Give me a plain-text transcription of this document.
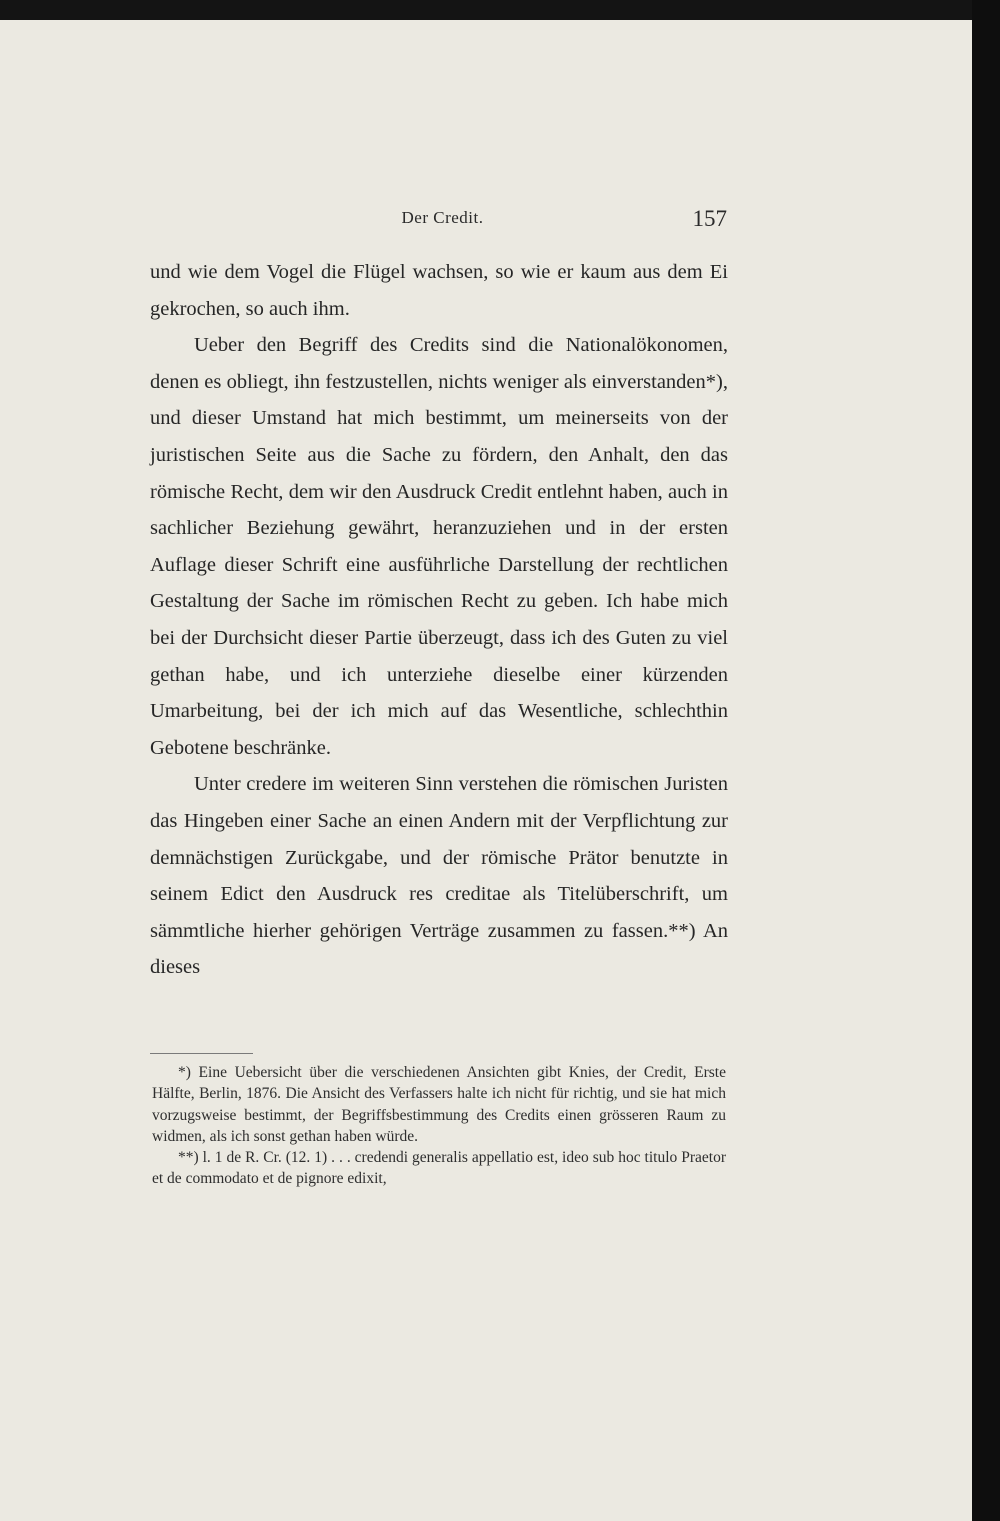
Der Credit.	157

und wie dem Vogel die Flügel wachsen, so wie er kaum aus dem Ei gekrochen, so auch ihm.

Ueber den Begriff des Credits sind die Nationalökonomen, denen es obliegt, ihn festzustellen, nichts weniger als einverstanden*), und dieser Umstand hat mich bestimmt, um meinerseits von der juristischen Seite aus die Sache zu fördern, den Anhalt, den das römische Recht, dem wir den Ausdruck Credit entlehnt haben, auch in sachlicher Beziehung gewährt, heranzuziehen und in der ersten Auflage dieser Schrift eine ausführliche Darstellung der rechtlichen Gestaltung der Sache im römischen Recht zu geben. Ich habe mich bei der Durchsicht dieser Partie überzeugt, dass ich des Guten zu viel gethan habe, und ich unterziehe dieselbe einer kürzenden Umarbeitung, bei der ich mich auf das Wesentliche, schlechthin Gebotene beschränke.

Unter credere im weiteren Sinn verstehen die römischen Juristen das Hingeben einer Sache an einen Andern mit der Verpflichtung zur demnächstigen Zurückgabe, und der römische Prätor benutzte in seinem Edict den Ausdruck res creditae als Titelüberschrift, um sämmtliche hierher gehörigen Verträge zusammen zu fassen.**) An dieses

*) Eine Uebersicht über die verschiedenen Ansichten gibt Knies, der Credit, Erste Hälfte, Berlin, 1876. Die Ansicht des Verfassers halte ich nicht für richtig, und sie hat mich vorzugsweise bestimmt, der Begriffsbestimmung des Credits einen grösseren Raum zu widmen, als ich sonst gethan haben würde.

**) l. 1 de R. Cr. (12. 1) . . . credendi generalis appellatio est, ideo sub hoc titulo Praetor et de commodato et de pignore edixit,
